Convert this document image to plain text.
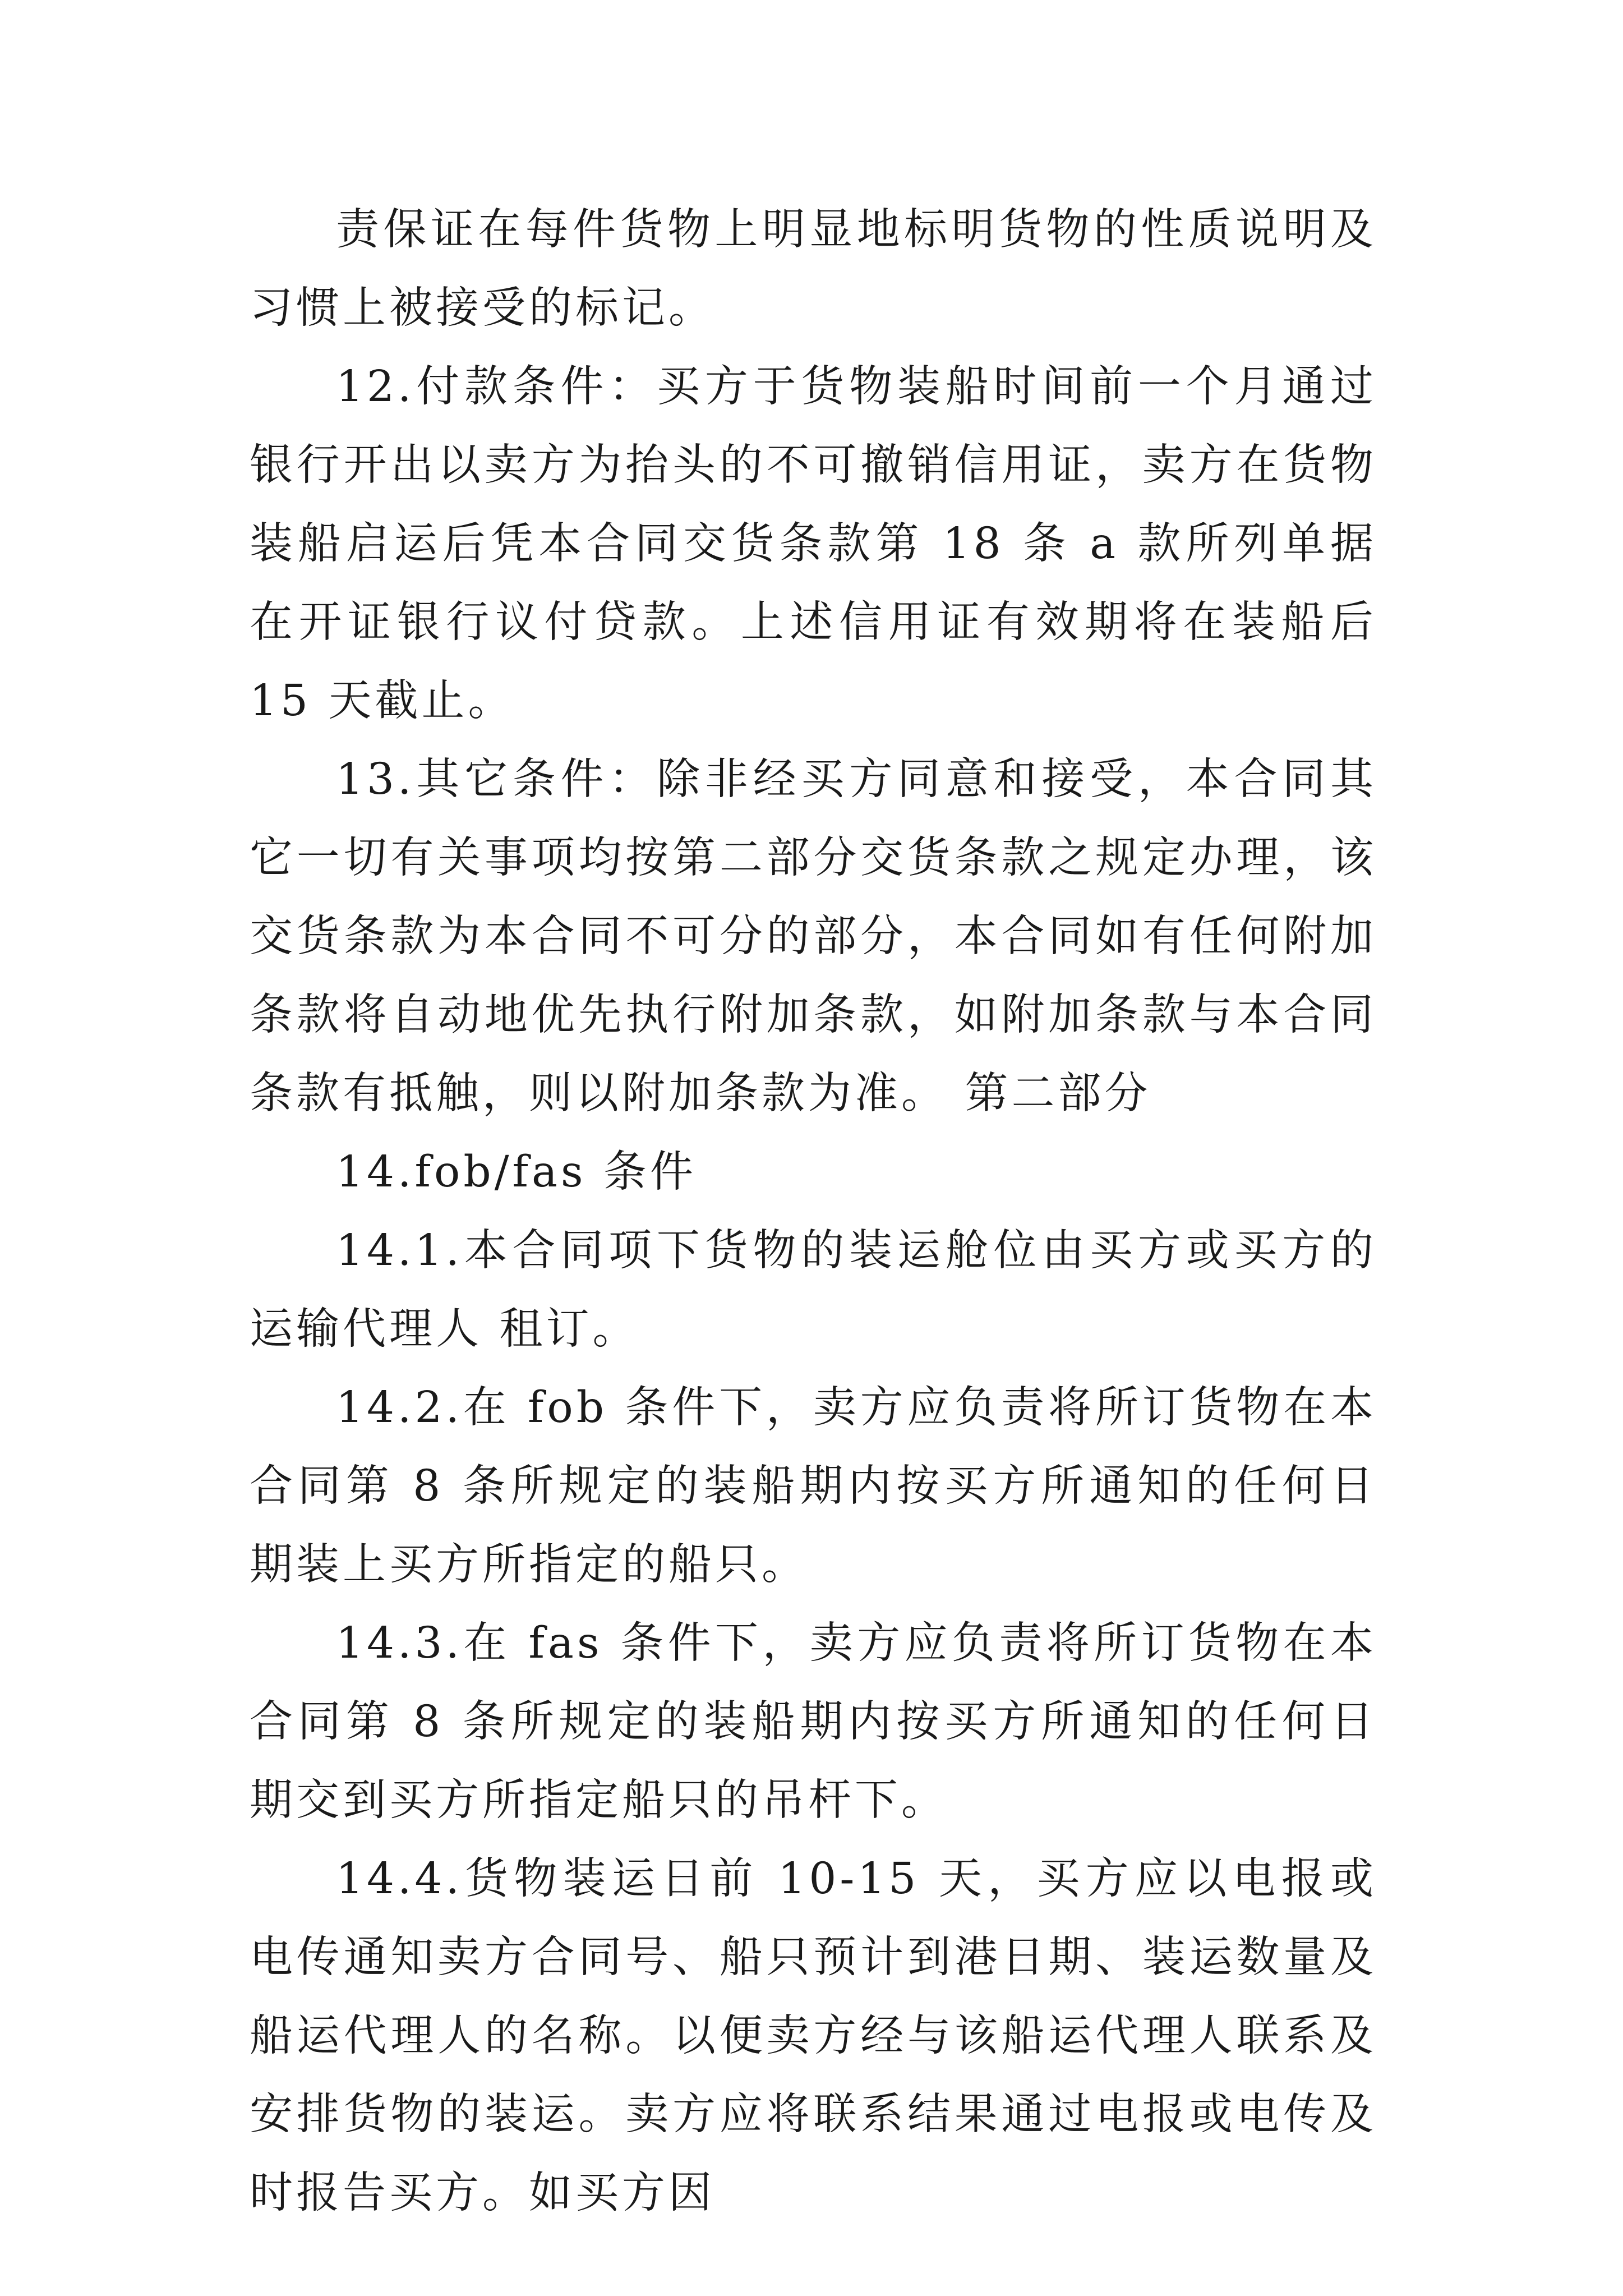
责保证在每件货物上明显地标明货物的性质说明及习惯上被接受的标记。

12.付款条件：买方于货物装船时间前一个月通过 银行开出以卖方为抬头的不可撤销信用证，卖方在货物装船启运后凭本合同交货条款第 18 条 a 款所列单据在开证银行议付贷款。上述信用证有效期将在装船后 15 天截止。

13.其它条件：除非经买方同意和接受，本合同其它一切有关事项均按第二部分交货条款之规定办理，该交货条款为本合同不可分的部分，本合同如有任何附加条款将自动地优先执行附加条款，如附加条款与本合同条款有抵触，则以附加条款为准。 第二部分

14.fob/fas 条件

14.1.本合同项下货物的装运舱位由买方或买方的运输代理人 租订。

14.2.在 fob 条件下，卖方应负责将所订货物在本合同第 8 条所规定的装船期内按买方所通知的任何日期装上买方所指定的船只。

14.3.在 fas 条件下，卖方应负责将所订货物在本合同第 8 条所规定的装船期内按买方所通知的任何日期交到买方所指定船只的吊杆下。

14.4.货物装运日前 10-15 天，买方应以电报或电传通知卖方合同号、船只预计到港日期、装运数量及船运代理人的名称。以便卖方经与该船运代理人联系及安排货物的装运。卖方应将联系结果通过电报或电传及时报告买方。如买方因
